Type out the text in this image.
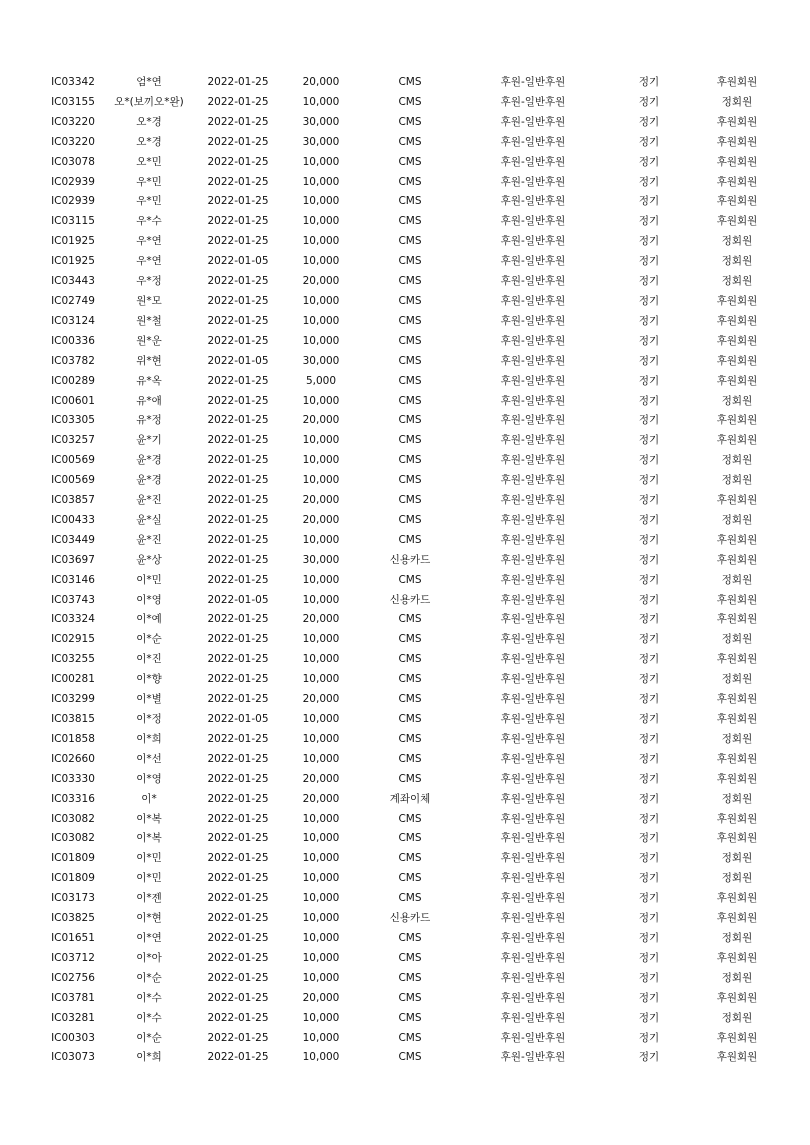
IC03342	엄*연	2022-01-25	20,000	CMS	후원-일반후원	정기	후원회원
IC03155	오*(보끼오*완)	2022-01-25	10,000	CMS	후원-일반후원	정기	정회원
IC03220	오*경	2022-01-25	30,000	CMS	후원-일반후원	정기	후원회원
IC03220	오*경	2022-01-25	30,000	CMS	후원-일반후원	정기	후원회원
IC03078	오*민	2022-01-25	10,000	CMS	후원-일반후원	정기	후원회원
IC02939	우*민	2022-01-25	10,000	CMS	후원-일반후원	정기	후원회원
IC02939	우*민	2022-01-25	10,000	CMS	후원-일반후원	정기	후원회원
IC03115	우*수	2022-01-25	10,000	CMS	후원-일반후원	정기	후원회원
IC01925	우*연	2022-01-25	10,000	CMS	후원-일반후원	정기	정회원
IC01925	우*연	2022-01-05	10,000	CMS	후원-일반후원	정기	정회원
IC03443	우*정	2022-01-25	20,000	CMS	후원-일반후원	정기	정회원
IC02749	원*모	2022-01-25	10,000	CMS	후원-일반후원	정기	후원회원
IC03124	원*철	2022-01-25	10,000	CMS	후원-일반후원	정기	후원회원
IC00336	원*운	2022-01-25	10,000	CMS	후원-일반후원	정기	후원회원
IC03782	위*현	2022-01-05	30,000	CMS	후원-일반후원	정기	후원회원
IC00289	유*옥	2022-01-25	5,000	CMS	후원-일반후원	정기	후원회원
IC00601	유*애	2022-01-25	10,000	CMS	후원-일반후원	정기	정회원
IC03305	유*정	2022-01-25	20,000	CMS	후원-일반후원	정기	후원회원
IC03257	윤*기	2022-01-25	10,000	CMS	후원-일반후원	정기	후원회원
IC00569	윤*경	2022-01-25	10,000	CMS	후원-일반후원	정기	정회원
IC00569	윤*경	2022-01-25	10,000	CMS	후원-일반후원	정기	정회원
IC03857	윤*진	2022-01-25	20,000	CMS	후원-일반후원	정기	후원회원
IC00433	윤*실	2022-01-25	20,000	CMS	후원-일반후원	정기	정회원
IC03449	윤*진	2022-01-25	10,000	CMS	후원-일반후원	정기	후원회원
IC03697	윤*상	2022-01-25	30,000	신용카드	후원-일반후원	정기	후원회원
IC03146	이*민	2022-01-25	10,000	CMS	후원-일반후원	정기	정회원
IC03743	이*영	2022-01-05	10,000	신용카드	후원-일반후원	정기	후원회원
IC03324	이*예	2022-01-25	20,000	CMS	후원-일반후원	정기	후원회원
IC02915	이*순	2022-01-25	10,000	CMS	후원-일반후원	정기	정회원
IC03255	이*진	2022-01-25	10,000	CMS	후원-일반후원	정기	후원회원
IC00281	이*향	2022-01-25	10,000	CMS	후원-일반후원	정기	정회원
IC03299	이*별	2022-01-25	20,000	CMS	후원-일반후원	정기	후원회원
IC03815	이*정	2022-01-05	10,000	CMS	후원-일반후원	정기	후원회원
IC01858	이*희	2022-01-25	10,000	CMS	후원-일반후원	정기	정회원
IC02660	이*선	2022-01-25	10,000	CMS	후원-일반후원	정기	후원회원
IC03330	이*영	2022-01-25	20,000	CMS	후원-일반후원	정기	후원회원
IC03316	이*	2022-01-25	20,000	계좌이체	후원-일반후원	정기	정회원
IC03082	이*복	2022-01-25	10,000	CMS	후원-일반후원	정기	후원회원
IC03082	이*복	2022-01-25	10,000	CMS	후원-일반후원	정기	후원회원
IC01809	이*민	2022-01-25	10,000	CMS	후원-일반후원	정기	정회원
IC01809	이*민	2022-01-25	10,000	CMS	후원-일반후원	정기	정회원
IC03173	이*젠	2022-01-25	10,000	CMS	후원-일반후원	정기	후원회원
IC03825	이*현	2022-01-25	10,000	신용카드	후원-일반후원	정기	후원회원
IC01651	이*연	2022-01-25	10,000	CMS	후원-일반후원	정기	정회원
IC03712	이*아	2022-01-25	10,000	CMS	후원-일반후원	정기	후원회원
IC02756	이*순	2022-01-25	10,000	CMS	후원-일반후원	정기	정회원
IC03781	이*수	2022-01-25	20,000	CMS	후원-일반후원	정기	후원회원
IC03281	이*수	2022-01-25	10,000	CMS	후원-일반후원	정기	정회원
IC00303	이*순	2022-01-25	10,000	CMS	후원-일반후원	정기	후원회원
IC03073	이*희	2022-01-25	10,000	CMS	후원-일반후원	정기	후원회원
